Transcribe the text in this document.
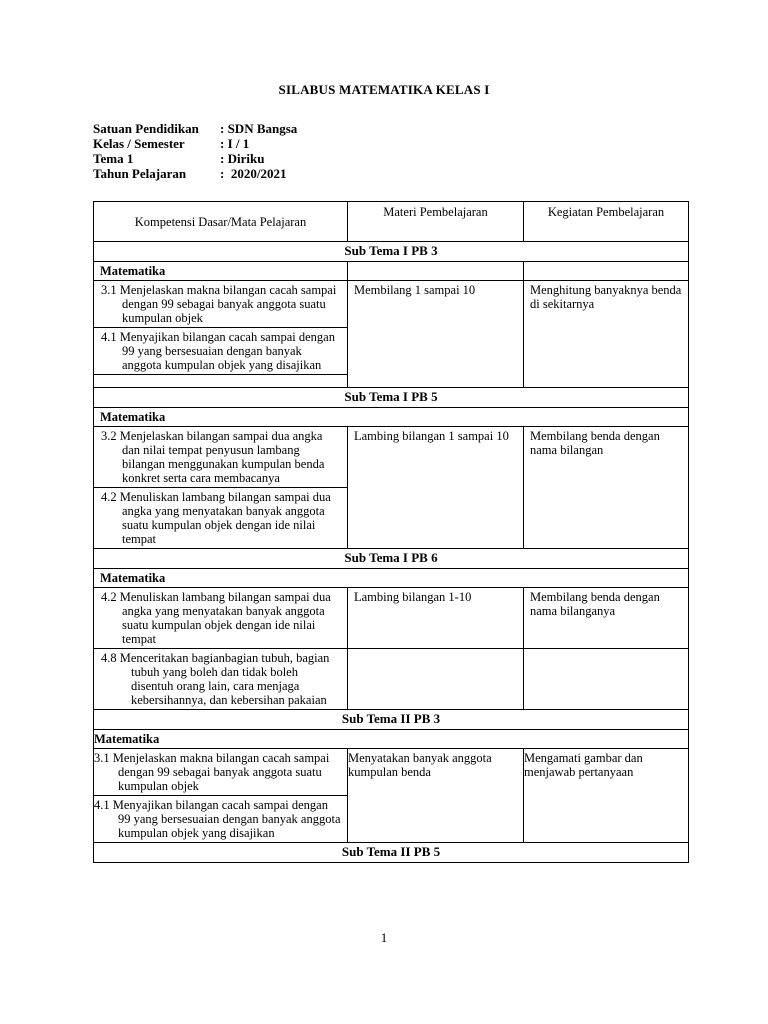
SILABUS MATEMATIKA KELAS I
Satuan Pendidikan	: SDN Bangsa
Kelas / Semester	: I / 1
Tema 1	: Diriku
Tahun Pelajaran	:  2020/2021
Kompetensi Dasar/Mata Pelajaran	Materi Pembelajaran	Kegiatan Pembelajaran
Sub Tema I PB 3		
Matematika		

3.1 Menjelaskan makna bilangan cacah sampai dengan 99 sebagai banyak anggota suatu kumpulan objek	Membilang 1 sampai 10	Menghitung banyaknya benda di sekitarnya

4.1 Menyajikan bilangan cacah sampai dengan 99 yang bersesuaian dengan banyak anggota kumpulan objek yang disajikan		

Sub Tema I PB 5		
Matematika		

3.2 Menjelaskan bilangan sampai dua angka dan nilai tempat penyusun lambang bilangan menggunakan kumpulan benda konkret serta cara membacanya	Lambing bilangan 1 sampai 10	Membilang benda dengan nama bilangan

4.2 Menuliskan lambang bilangan sampai dua angka yang menyatakan banyak anggota suatu kumpulan objek dengan ide nilai tempat		

Sub Tema I PB 6		
Matematika		

4.2 Menuliskan lambang bilangan sampai dua angka yang menyatakan banyak anggota suatu kumpulan objek dengan ide nilai tempat	Lambing bilangan 1-10	Membilang benda dengan nama bilanganya

4.8 Menceritakan bagianbagian tubuh, bagian tubuh yang boleh dan tidak boleh disentuh orang lain, cara menjaga kebersihannya, dan kebersihan pakaian		

Sub Tema II PB 3		
Matematika		

3.1 Menjelaskan makna bilangan cacah sampai dengan 99 sebagai banyak anggota suatu kumpulan objek	Menyatakan banyak anggota kumpulan benda	Mengamati gambar dan menjawab pertanyaan

4.1 Menyajikan bilangan cacah sampai dengan 99 yang bersesuaian dengan banyak anggota kumpulan objek yang disajikan		

Sub Tema II PB 5		
1
